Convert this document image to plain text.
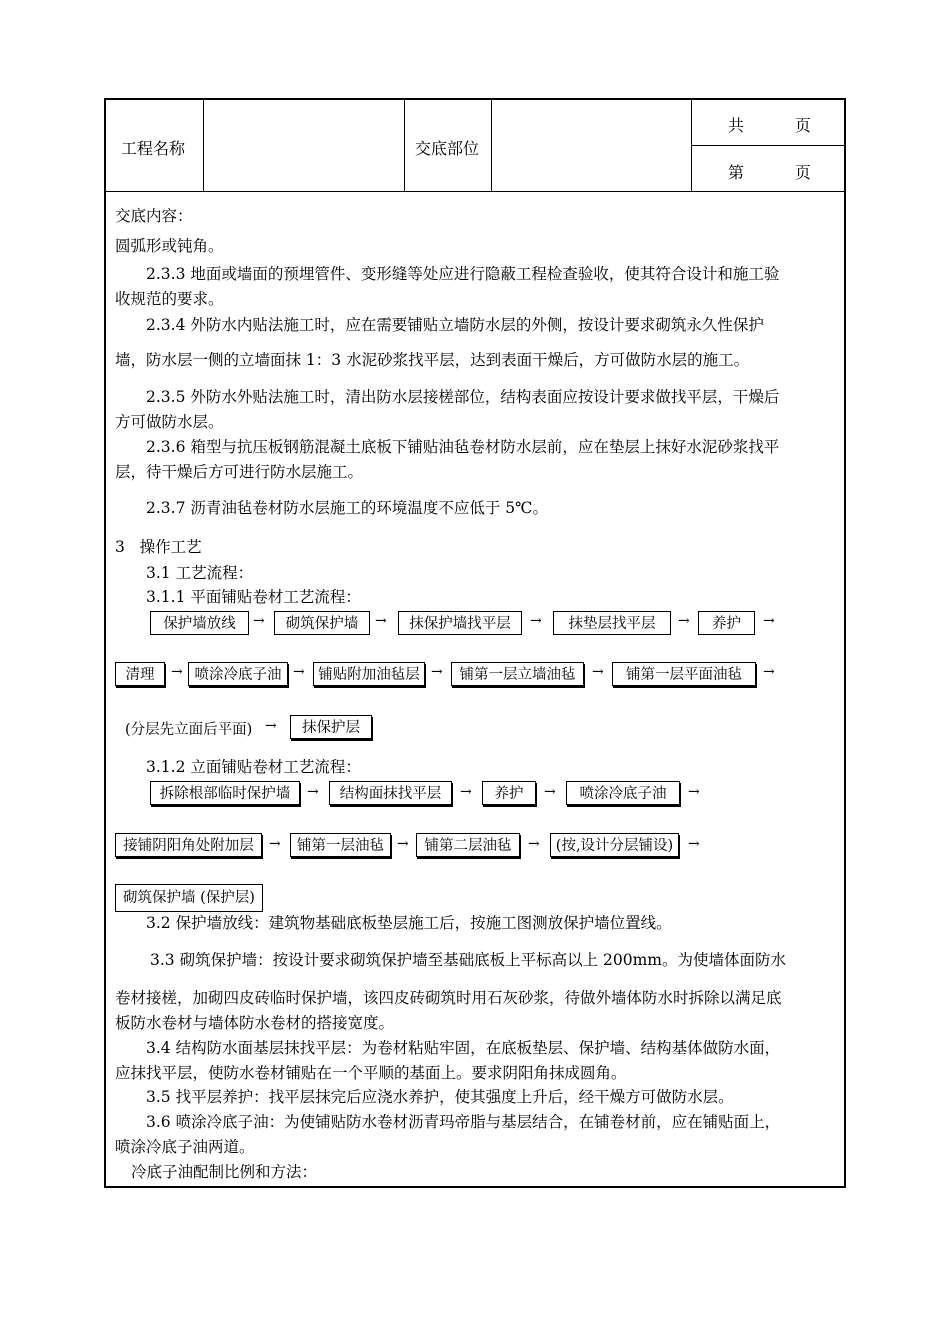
工程名称	交底部位
共          页
第          页
交底内容：
圆弧形或钝角。
2.3.3 地面或墙面的预埋管件、变形缝等处应进行隐蔽工程检查验收，使其符合设计和施工验
收规范的要求。
2.3.4 外防水内贴法施工时，应在需要铺贴立墙防水层的外侧，按设计要求砌筑永久性保护
墙，防水层一侧的立墙面抹 1：3 水泥砂浆找平层，达到表面干燥后，方可做防水层的施工。
2.3.5 外防水外贴法施工时，清出防水层接槎部位，结构表面应按设计要求做找平层，干燥后
方可做防水层。
2.3.6 箱型与抗压板钢筋混凝土底板下铺贴油毡卷材防水层前，应在垫层上抹好水泥砂浆找平
层，待干燥后方可进行防水层施工。
2.3.7 沥青油毡卷材防水层施工的环境温度不应低于 5℃。
3   操作工艺
3.1 工艺流程：
3.1.1 平面铺贴卷材工艺流程：
保护墙放线	→	砌筑保护墙	→	抹保护墙找平层	→	抹垫层找平层	→	养护	→
清理	→ 喷涂冷底子油 → 铺贴附加油毡层 →	铺第一层立墙油毡	→	铺第一层平面油毡	→
(分层先立面后平面) →	抹保护层
3.1.2 立面铺贴卷材工艺流程：
拆除根部临时保护墙	→	结构面抹找平层	→	养护	→	喷涂冷底子油	→
接铺阴阳角处附加层	→	铺第一层油毡 →	铺第二层油毡	→	(按,设计分层铺设)	→
砌筑保护墙 (保护层)
3.2 保护墙放线：建筑物基础底板垫层施工后，按施工图测放保护墙位置线。
3.3 砌筑保护墙：按设计要求砌筑保护墙至基础底板上平标高以上 200mm。为使墙体面防水
卷材接槎，加砌四皮砖临时保护墙，该四皮砖砌筑时用石灰砂浆，待做外墙体防水时拆除以满足底
板防水卷材与墙体防水卷材的搭接宽度。
3.4 结构防水面基层抹找平层：为卷材粘贴牢固，在底板垫层、保护墙、结构基体做防水面，
应抹找平层，使防水卷材铺贴在一个平顺的基面上。要求阴阳角抹成圆角。
3.5 找平层养护：找平层抹完后应浇水养护，使其强度上升后，经干燥方可做防水层。
3.6 喷涂冷底子油：为使铺贴防水卷材沥青玛帝脂与基层结合，在铺卷材前，应在铺贴面上，
喷涂冷底子油两道。
冷底子油配制比例和方法：
